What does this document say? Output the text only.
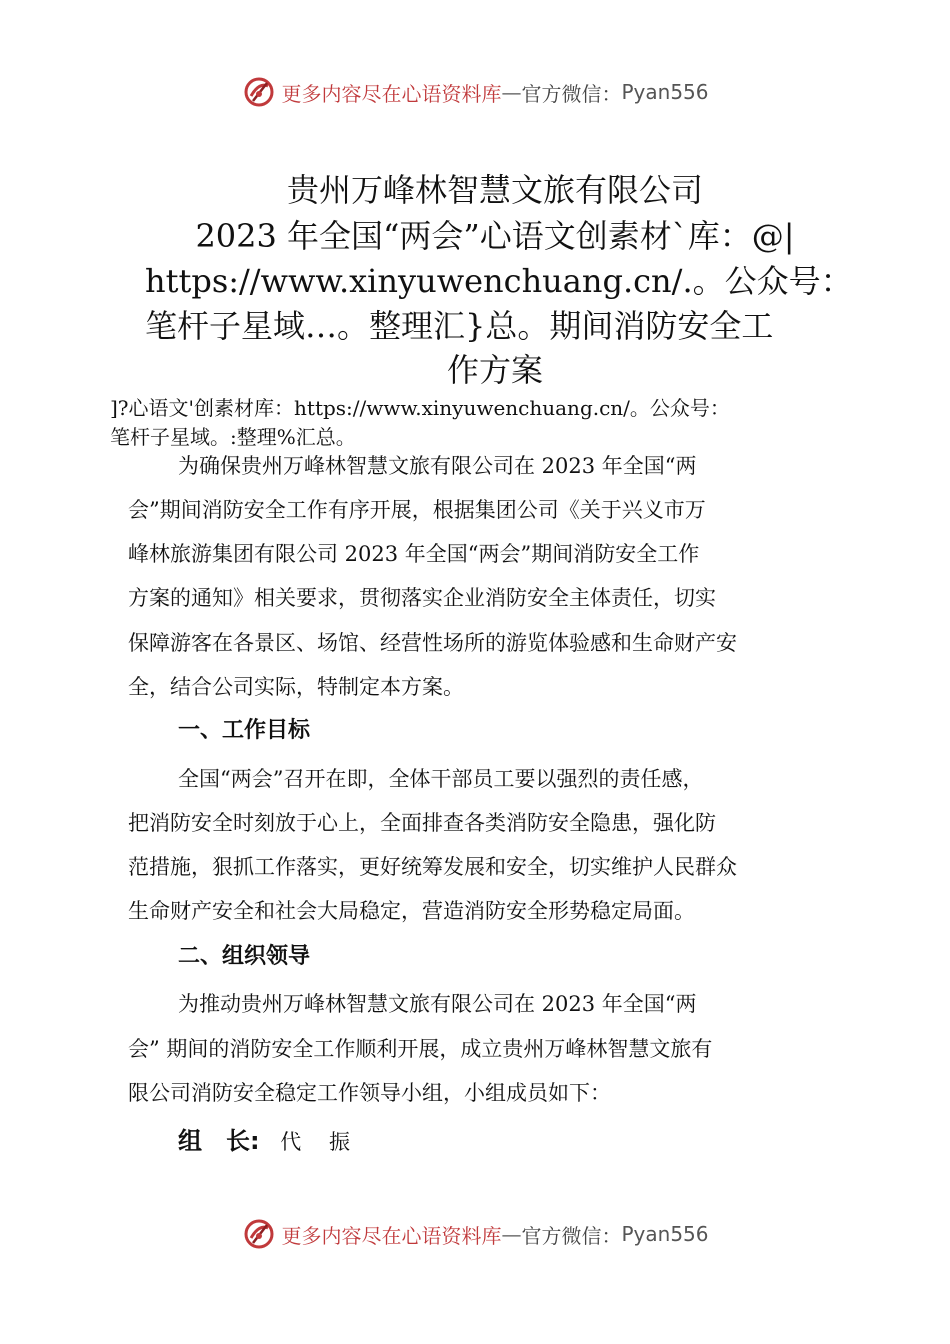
更多内容尽在心语资料库 — 官方微信： Pyan556
贵州万峰林智慧文旅有限公司
2023 年全国“两会”心语文创素材`库：@|
https://www.xinyuwenchuang.cn/.。公众号：
笔杆子星域…。整理汇}总。期间消防安全工
作方案
]?心语文'创素材库：https://www.xinyuwenchuang.cn/。公众号：
笔杆子星域。:整理%汇总。
为确保贵州万峰林智慧文旅有限公司在 2023 年全国“两
会”期间消防安全工作有序开展，根据集团公司《关于兴义市万
峰林旅游集团有限公司 2023 年全国“两会”期间消防安全工作
方案的通知》相关要求，贯彻落实企业消防安全主体责任，切实
保障游客在各景区、场馆、经营性场所的游览体验感和生命财产安
全，结合公司实际，特制定本方案。
一、工作目标
全国“两会”召开在即，全体干部员工要以强烈的责任感，
把消防安全时刻放于心上，全面排查各类消防安全隐患，强化防
范措施，狠抓工作落实，更好统筹发展和安全，切实维护人民群众
生命财产安全和社会大局稳定，营造消防安全形势稳定局面。
二、组织领导
为推动贵州万峰林智慧文旅有限公司在 2023 年全国“两
会” 期间的消防安全工作顺利开展，成立贵州万峰林智慧文旅有
限公司消防安全稳定工作领导小组，小组成员如下：
组　长: 代　 振
更多内容尽在心语资料库 — 官方微信： Pyan556
